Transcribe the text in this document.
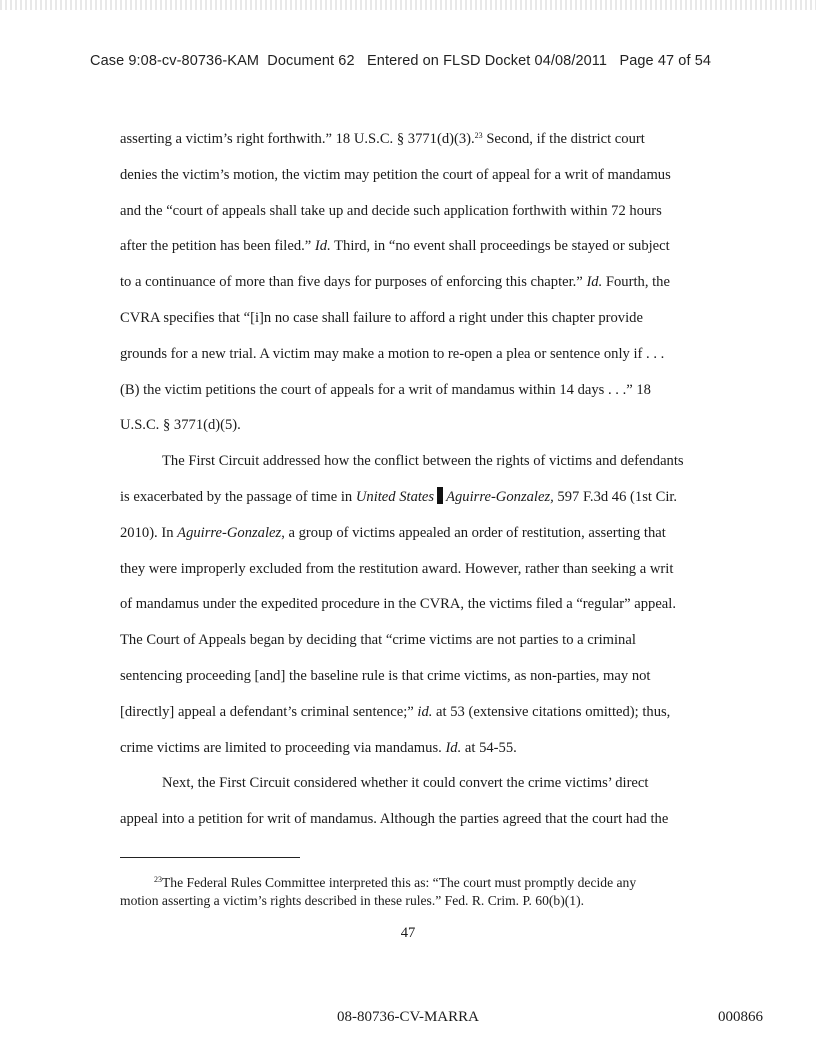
Case 9:08-cv-80736-KAM Document 62 Entered on FLSD Docket 04/08/2011 Page 47 of 54
asserting a victim’s right forthwith.” 18 U.S.C. § 3771(d)(3).$^{23}$ Second, if the district court
denies the victim’s motion, the victim may petition the court of appeal for a writ of mandamus
and the “court of appeals shall take up and decide such application forthwith within 72 hours
after the petition has been filed.” Id. Third, in “no event shall proceedings be stayed or subject
to a continuance of more than five days for purposes of enforcing this chapter.” Id. Fourth, the
CVRA specifies that “[i]n no case shall failure to afford a right under this chapter provide
grounds for a new trial. A victim may make a motion to re-open a plea or sentence only if . . .
(B) the victim petitions the court of appeals for a writ of mandamus within 14 days . . .” 18
U.S.C. § 3771(d)(5).
The First Circuit addressed how the conflict between the rights of victims and defendants
is exacerbated by the passage of time in United States Aguirre-Gonzalez, 597 F.3d 46 (1st Cir.
2010). In Aguirre-Gonzalez, a group of victims appealed an order of restitution, asserting that
they were improperly excluded from the restitution award. However, rather than seeking a writ
of mandamus under the expedited procedure in the CVRA, the victims filed a “regular” appeal.
The Court of Appeals began by deciding that “crime victims are not parties to a criminal
sentencing proceeding [and] the baseline rule is that crime victims, as non-parties, may not
[directly] appeal a defendant’s criminal sentence;” id. at 53 (extensive citations omitted); thus,
crime victims are limited to proceeding via mandamus. Id. at 54-55.
Next, the First Circuit considered whether it could convert the crime victims’ direct
appeal into a petition for writ of mandamus. Although the parties agreed that the court had the
$^{23}$The Federal Rules Committee interpreted this as: “The court must promptly decide any
motion asserting a victim’s rights described in these rules.” Fed. R. Crim. P. 60(b)(1).
47
08-80736-CV-MARRA	000866
